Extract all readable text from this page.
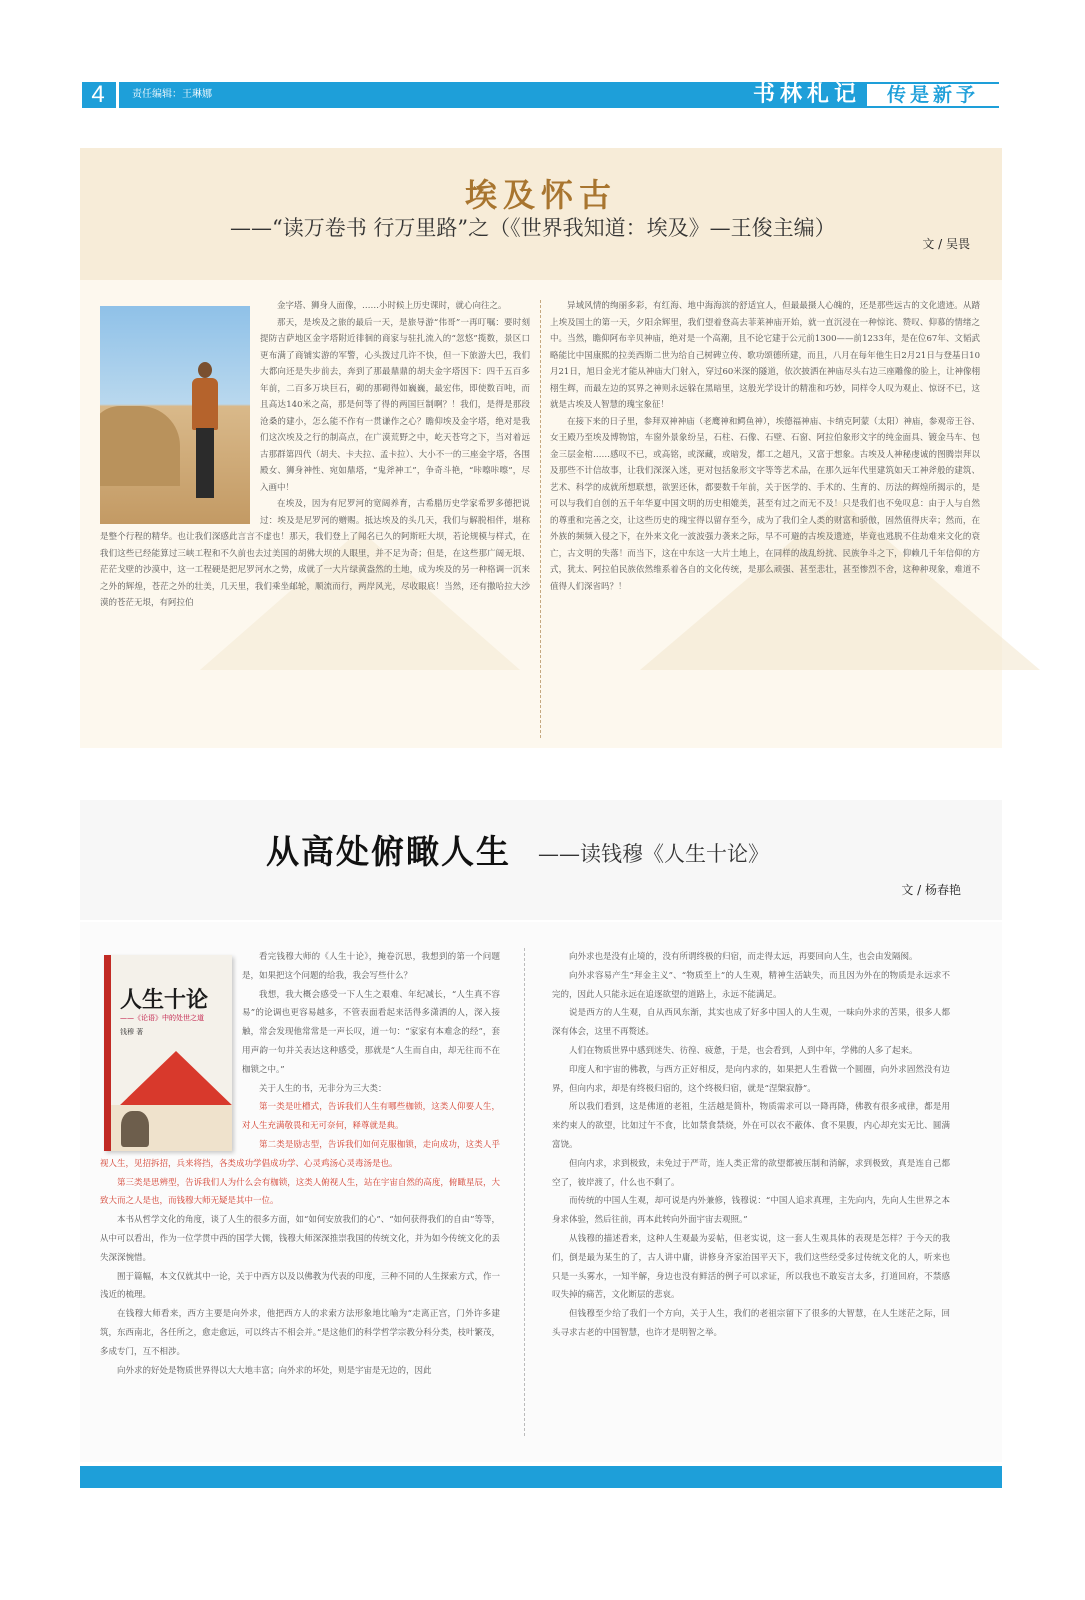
4	责任编辑：王琳娜	书林札记	传是新予
埃及怀古
——“读万卷书 行万里路”之（《世界我知道：埃及》—王俊主编）
文 / 吴畏

金字塔、狮身人面像，……小时候上历史课时，就心向往之。

那天，是埃及之旅的最后一天，是旅导游“伟哥”一再叮嘱：要时刻提防吉萨地区金字塔附近徘徊的商家与驻扎流入的“忽悠”揽数，景区口更布满了商铺实游的军警，心头拨过几许不快，但一下旅游大巴，我们大都向还是失步前去，奔到了那最鼎鼎的胡夫金字塔因下：四千五百多年前，二百多万块巨石，砌的那砌得如巍巍，最宏伟，即使数百吨，而且高达140米之高，那是何等了得的两国巨制啊？！我们，是得是那段沧桑的建小，怎么能不作有一贯谦作之心？瞻仰埃及金字塔，绝对是我们这次埃及之行的制高点，在广漠荒野之中，屹天苍穹之下，当对着远古那群第四代（胡夫、卡夫拉、孟卡拉）、大小不一的三座金字塔，各围殿女、狮身神性、宛如鼎塔，“鬼斧神工”，争奇斗艳，“咔嚓咔嚓”，尽入画中！

在埃及，因为有尼罗河的宽阔养育，古希腊历史学家希罗多德把说过：埃及是尼罗河的赠赐。抵达埃及的头几天，我们与解脱相伴，堪称是整个行程的精华。也让我们深感此言言不虚也！那天，我们登上了闻名已久的阿斯旺大坝，若论规模与样式，在我们这些已经能算过三峡工程和不久前也去过美国的胡佛大坝的人眼里，并不足为奇；但是，在这些那广阔无垠、茫茫戈壁的沙漠中，这一工程硬是把尼罗河水之势，成就了一大片绿黄盎然的土地，成为埃及的另一种格调一沉来之外的辉煌，苍茫之外的壮美，几天里，我们乘坐邮轮，顺流而行，两岸风光，尽收眼底！当然，还有撒哈拉大沙漠的苍茫无垠，有阿拉伯

异域风情的绚丽多彩，有红海、地中海海滨的舒适宜人，但最最摄人心魄的，还是那些远古的文化遗迹。从踏上埃及国土的第一天，夕阳余辉里，我们望着登高去菲莱神庙开始，就一直沉浸在一种惊诧、赞叹、仰慕的情绪之中。当然，瞻仰阿布辛贝神庙，绝对是一个高潮，且不论它建于公元前1300——前1233年，是在位67年、文韬武略能比中国康熙的拉美西斯二世为给自己树碑立传、歌功颂德所建，而且，八月在每年他生日2月21日与登基日10月21日，旭日金光才能从神庙大门射入，穿过60米深的隧道，依次披洒在神庙尽头右边三座雕像的脸上，让神像栩栩生辉，而最左边的冥界之神则永远躲在黑暗里，这般光学设计的精准和巧妙，同样令人叹为观止、惊讶不已，这就是古埃及人智慧的瑰宝象征！

在接下来的日子里，参拜双神神庙（老鹰神和鳄鱼神），埃德福神庙、卡纳克阿蒙（太阳）神庙，参观帝王谷、女王殿乃至埃及博物馆，车窗外景象纷呈，石柱、石像、石壁、石窗、阿拉伯象形文字的纯金面具、镀金马车、包金三层金棺……感叹不已，或高铭，或深藏，或暗发，都工之超凡，又富于想象。古埃及人神秘虔诚的图腾崇拜以及那些不计信故事，让我们深深入迷，更对包括象形文字等等艺术品，在那久远年代里建筑如天工神斧般的建筑、艺术、科学的成就所想联想，欲罢还休，都要数千年前，关于医学的、手术的、生育的、历法的辉煌所揭示的，是可以与我们自创的五千年华夏中国文明的历史相媲美，甚至有过之而无不及！只是我们也不免叹息：由于人与自然的尊重和完善之交，让这些历史的瑰宝得以留存至今，成为了我们全人类的财富和骄傲，固然值得庆幸；然而，在外族的频频入侵之下，在外来文化一波波强力袭来之际，早不可避的古埃及遗迹，毕竟也逃脱不住劫难来文化的衰亡，古文明的失落！而当下，这在中东这一大片土地上，在同样的战乱纷扰、民族争斗之下，仰赖几千年信仰的方式，犹太、阿拉伯民族依然维系着各自的文化传统，是那么顽强、甚至悲壮，甚至惨烈不舍，这种种现象，难道不值得人们深省吗？！

从高处俯瞰人生 ——读钱穆《人生十论》
文 / 杨春艳
人生十论
——《论语》中的处世之道
钱穆 著

看完钱穆大师的《人生十论》，掩卷沉思，我想到的第一个问题是，如果把这个问题的给我，我会写些什么？

我想，我大概会感受一下人生之艰难、年纪减长，“人生真不容易”的论调也更容易越多，不管表面看起来活得多潇洒的人，深入接触，常会发现他常常是一声长叹，道一句：“家家有本难念的经”，套用声韵一句并关表达这种感受，那就是“人生而自由，却无往而不在枷锁之中。”

关于人生的书，无非分为三大类：

第一类是吐槽式，告诉我们人生有哪些枷锁，这类人仰要人生，对人生充满敬畏和无可奈何，释尊就是典。

第二类是励志型，告诉我们如何克服枷锁，走向成功，这类人乎视人生，见招拆招，兵来将挡，各类成功学倡成功学、心灵鸡汤心灵毒汤是也。

第三类是思辨型，告诉我们人为什么会有枷锁，这类人俯视人生，站在宇宙自然的高度，俯瞰星辰，大致大而之人是也，而钱穆大师无疑是其中一位。

本书从哲学文化的角度，谈了人生的很多方面，如“如何安放我们的心”、“如何获得我们的自由”等等，从中可以看出，作为一位学贯中西的国学大儒，钱穆大师深深推崇我国的传统文化，并为如今传统文化的丢失深深惋惜。

囿于篇幅，本文仅就其中一论，关于中西方以及以佛教为代表的印度，三种不同的人生探索方式，作一浅近的梳理。

在钱穆大师看来，西方主要是向外求，他把西方人的求索方法形象地比喻为“走离正宫，门外许多建筑，东西南北，各任所之，愈走愈远，可以终古不相会并。”是这他们的科学哲学宗教分科分类，枝叶繁茂，多成专门，互不相涉。

向外求的好处是物质世界得以大大地丰富；向外求的坏处，则是宇宙是无边的，因此

向外求也是没有止境的，没有所谓终极的归宿，而走得太远，再要回向人生，也会由发隔阂。

向外求容易产生“拜金主义”、“物质至上”的人生观，精神生活缺失，而且因为外在的物质是永远求不完的，因此人只能永远在追逐欲望的道路上，永远不能满足。

说是西方的人生观，自从西风东渐，其实也成了好多中国人的人生观，一味向外求的苦果，很多人都深有体会，这里不再赘述。

人们在物质世界中感到迷失、彷徨、疲惫，于是，也会看到，人到中年，学佛的人多了起来。

印度人和宇宙的佛教，与西方正好相反，是向内求的，如果把人生看做一个圆圈，向外求固然没有边界，但向内求，却是有终极归宿的，这个终极归宿，就是“涅槃寂静”。

所以我们看到，这是佛道的老祖，生活越是简朴，物质需求可以一降再降，佛教有很多戒律，都是用来约束人的欲望，比如过午不食，比如禁食禁烧，外在可以衣不蔽体、食不果腹，内心却充实无比、圆满富饶。

但向内求，求到极致，未免过于严苛，连人类正常的欲望都被压制和消解，求到极致，真是连自己都空了，彼岸渡了，什么也不剩了。

而传统的中国人生观，却可说是内外兼修，钱穆说：“中国人追求真理，主先向内，先向人生世界之本身求体验，然后往前，再本此转向外面宇宙去观照。”

从钱穆的描述看来，这种人生观最为妥帖，但老实说，这一套人生观具体的表现是怎样？于今天的我们，倒是最为某生的了，古人讲中庸，讲修身齐家治国平天下，我们这些经受多过传统文化的人，听来也只是一头雾水，一知半解，身边也没有鲜活的例子可以求证，所以我也不敢妄言太多，打道回府，不禁感叹失掉的痛苦，文化断层的悲哀。

但钱穆至少给了我们一个方向，关于人生，我们的老祖宗留下了很多的大智慧，在人生迷茫之际，回头寻求古老的中国智慧，也许才是明智之举。
